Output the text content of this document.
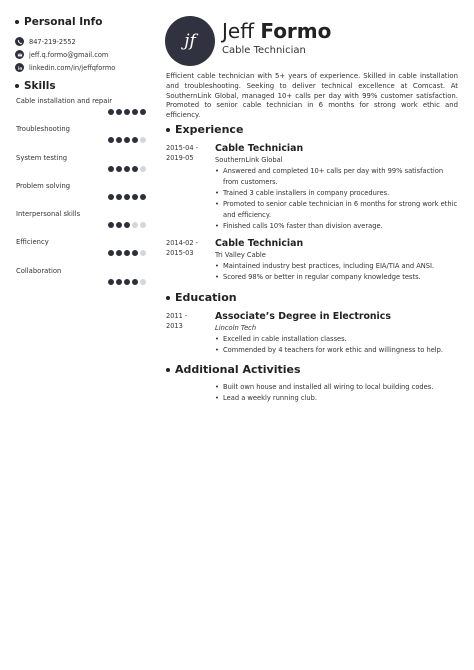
Personal Info
847-219-2552
jeff.q.formo@gmail.com
linkedin.com/in/jeffqformo
Skills
Cable installation and repair
Troubleshooting
System testing
Problem solving
Interpersonal skills
Efficiency
Collaboration
jf Jeff Formo
Cable Technician
Efficient cable technician with 5+ years of experience. Skilled in cable installation and troubleshooting. Seeking to deliver technical excellence at Comcast. At SouthernLink Global, managed 10+ calls per day with 99% customer satisfaction. Promoted to senior cable technician in 6 months for strong work ethic and efficiency.
Experience
2015-04 -
2019-05
Cable Technician
SouthernLink Global
• Answered and completed 10+ calls per day with 99% satisfaction from customers.
• Trained 3 cable installers in company procedures.
• Promoted to senior cable technician in 6 months for strong work ethic and efficiency.
• Finished calls 10% faster than division average.
2014-02 -
2015-03
Cable Technician
Tri Valley Cable
• Maintained industry best practices, including EIA/TIA and ANSI.
• Scored 98% or better in regular company knowledge tests.
Education
2011 -
2013
Associate’s Degree in Electronics
Lincoln Tech
• Excelled in cable installation classes.
• Commended by 4 teachers for work ethic and willingness to help.
Additional Activities
• Built own house and installed all wiring to local building codes.
• Lead a weekly running club.
